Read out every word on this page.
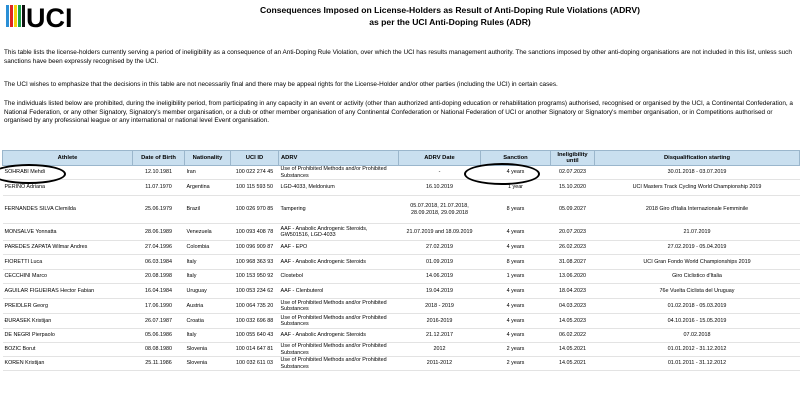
UCI	Consequences Imposed on License-Holders as Result of Anti-Doping Rule Violations (ADRV)
as per the UCI Anti-Doping Rules (ADR)
This table lists the license-holders currently serving a period of ineligibility as a consequence of an Anti-Doping Rule Violation, over which the UCI has results management authority. The sanctions imposed by other anti-doping organisations are not included in this list, unless such sanctions have been expressly recognised by the UCI.
The UCI wishes to emphasize that the decisions in this table are not necessarily final and there may be appeal rights for the License-Holder and/or other parties (including the UCI) in certain cases.
The individuals listed below are prohibited, during the ineligibility period, from participating in any capacity in an event or activity (other than authorized anti-doping education or rehabilitation programs) authorised, recognised or organised by the UCI, a Continental Confederation, a National Federation, or any other Signatory, Signatory's member organisation, or a club or other member organisation of any Continental Confederation or National Federation of UCI or another Signatory or Signatory's member organisation, or in Competitions authorised or organised by any professional league or any international or national level Event organisation.
Athlete	Date of Birth	Nationality	UCI ID	ADRV	ADRV Date	Sanction	Ineligibility until	Disqualification starting
SOHRABI Mehdi	12.10.1981	Iran	100 022 274 45	Use of Prohibited Methods and/or Prohibited Substances	-	4 years	02.07.2023	30.01.2018 - 03.07.2019
PERINO Adriana	11.07.1970	Argentina	100 115 593 50	LGD-4033, Meldonium	16.10.2019	1 year	15.10.2020	UCI Masters Track Cycling World Championship 2019
FERNANDES SILVA Clemilda	25.06.1979	Brazil	100 026 970 85	Tampering	05.07.2018, 21.07.2018, 28.09.2018, 29.09.2018	8 years	05.09.2027	2018 Giro d'Italia Internazionale Femminile
MONSALVE Yonnatta	28.06.1989	Venezuela	100 093 408 78	AAF - Anabolic Androgenic Steroids, GW501516, LGD-4033	21.07.2019 and 18.09.2019	4 years	20.07.2023	21.07.2019
PAREDES ZAPATA Wilmar Andres	27.04.1996	Colombia	100 096 909 87	AAF - EPO	27.02.2019	4 years	26.02.2023	27.02.2019 - 05.04.2019
FIORETTI Luca	06.03.1984	Italy	100 968 363 93	AAF - Anabolic Androgenic Steroids	01.09.2019	8 years	31.08.2027	UCI Gran Fondo World Championships 2019
CECCHINI Marco	20.08.1998	Italy	100 153 950 92	Clostebol	14.06.2019	1 years	13.06.2020	Giro Ciclistico d'Italia
AGUILAR FIGUEIRAS Hector Fabian	16.04.1984	Uruguay	100 053 234 62	AAF - Clenbuterol	19.04.2019	4 years	18.04.2023	76e Vuelta Ciclista del Uruguay
PREIDLER Georg	17.06.1990	Austria	100 064 735 20	Use of Prohibited Methods and/or Prohibited Substances	2018 - 2019	4 years	04.03.2023	01.02.2018 - 05.03.2019
ĐURASEK Kristijan	26.07.1987	Croatia	100 032 696 88	Use of Prohibited Methods and/or Prohibited Substances	2016-2019	4 years	14.05.2023	04.10.2016 - 15.05.2019
DE NEGRI Pierpaolo	05.06.1986	Italy	100 055 640 43	AAF - Anabolic Androgenic Steroids	21.12.2017	4 years	06.02.2022	07.02.2018
BOZIC Borut	08.08.1980	Slovenia	100 014 647 81	Use of Prohibited Methods and/or Prohibited Substances	2012	2 years	14.05.2021	01.01.2012 - 31.12.2012
KOREN Kristijan	25.11.1986	Slovenia	100 032 611 03	Use of Prohibited Methods and/or Prohibited Substances	2011-2012	2 years	14.05.2021	01.01.2011 - 31.12.2012
